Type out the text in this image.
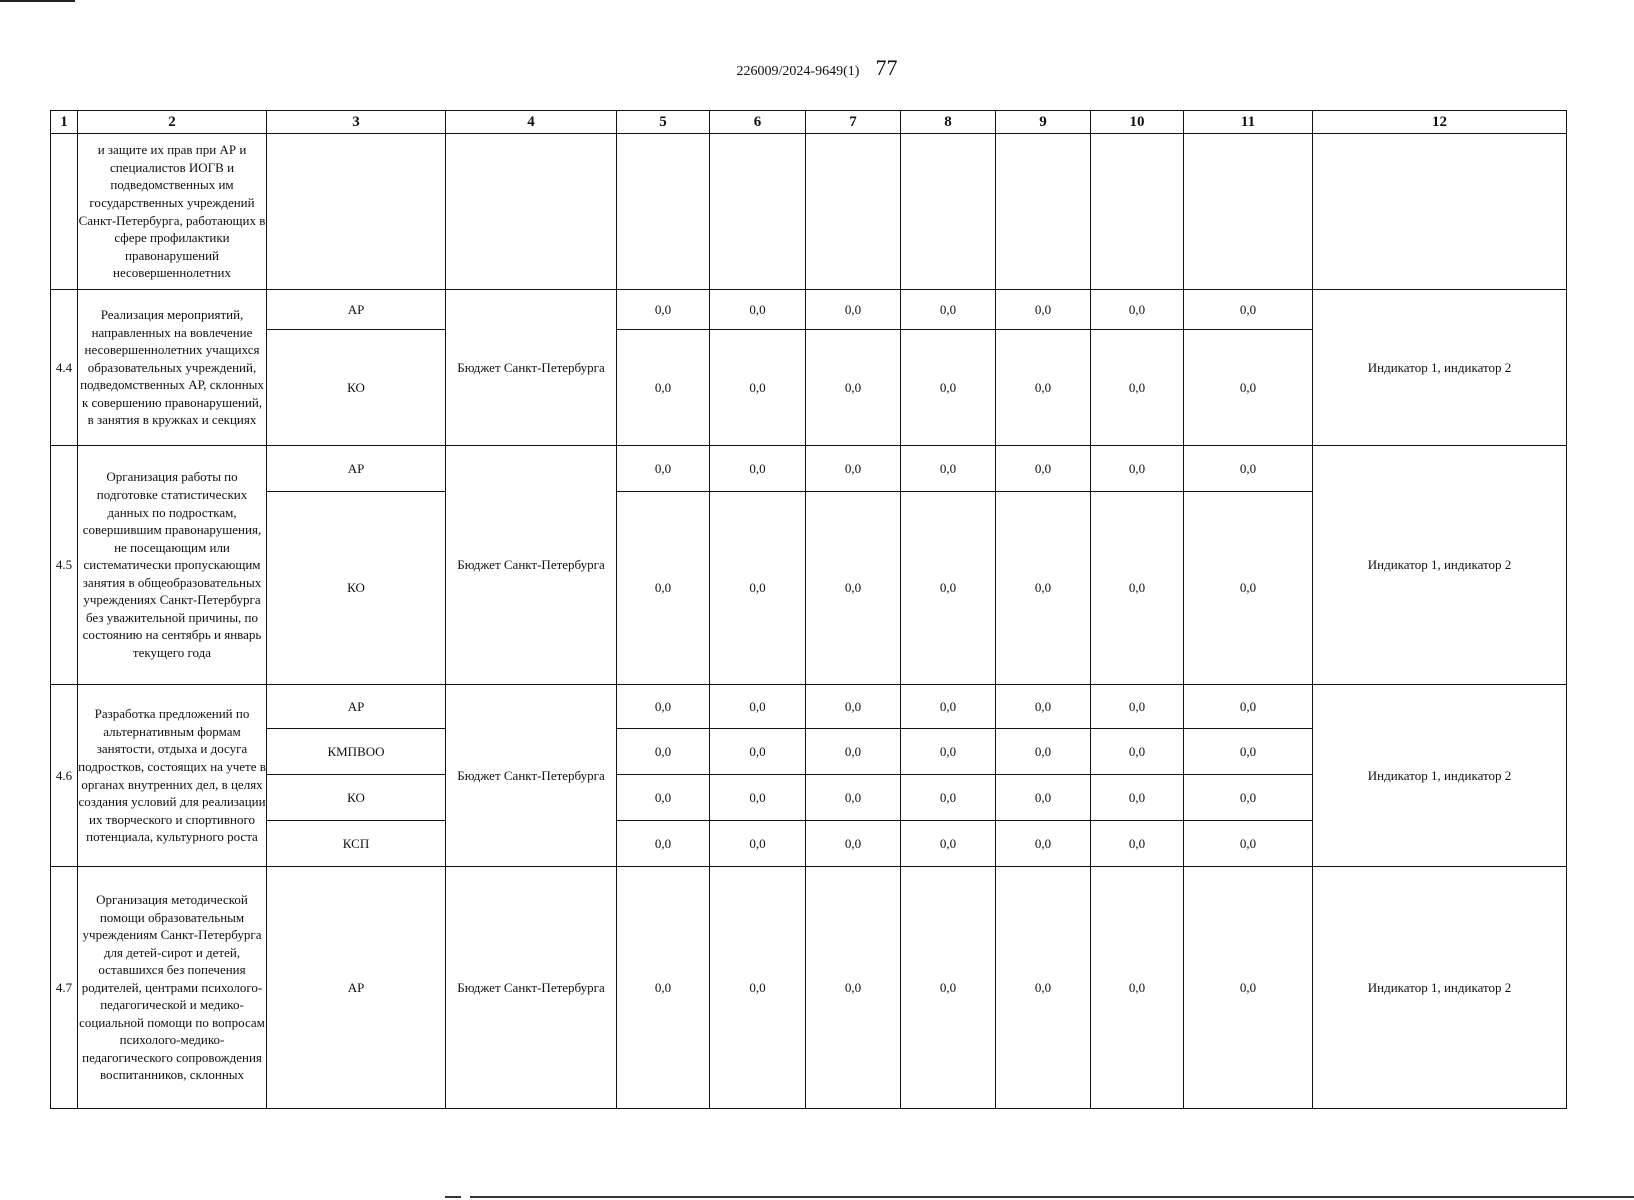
226009/2024-9649(1) 77
1	2	3	4	5	6	7	8	9	10	11	12
	и защите их прав при АР и специалистов ИОГВ и подведомственных им государственных учреждений Санкт-Петербурга, работающих в сфере профилактики правонарушений несовершеннолетних										
4.4	Реализация мероприятий, направленных на вовлечение несовершеннолетних учащихся образовательных учреждений, подведомственных АР, склонных к совершению правонарушений, в занятия в кружках и секциях	АР	Бюджет Санкт-Петербурга	0,0	0,0	0,0	0,0	0,0	0,0	0,0	Индикатор 1, индикатор 2
		КО		0,0	0,0	0,0	0,0	0,0	0,0	0,0	
4.5	Организация работы по подготовке статистических данных по подросткам, совершившим правонарушения, не посещающим или систематически пропускающим занятия в общеобразовательных учреждениях Санкт-Петербурга без уважительной причины, по состоянию на сентябрь и январь текущего года	АР	Бюджет Санкт-Петербурга	0,0	0,0	0,0	0,0	0,0	0,0	0,0	Индикатор 1, индикатор 2
		КО		0,0	0,0	0,0	0,0	0,0	0,0	0,0	
4.6	Разработка предложений по альтернативным формам занятости, отдыха и досуга подростков, состоящих на учете в органах внутренних дел, в целях создания условий для реализации их творческого и спортивного потенциала, культурного роста	АР	Бюджет Санкт-Петербурга	0,0	0,0	0,0	0,0	0,0	0,0	0,0	Индикатор 1, индикатор 2
		КМПВОО		0,0	0,0	0,0	0,0	0,0	0,0	0,0	
		КО		0,0	0,0	0,0	0,0	0,0	0,0	0,0	
		КСП		0,0	0,0	0,0	0,0	0,0	0,0	0,0	
4.7	Организация методической помощи образовательным учреждениям Санкт-Петербурга для детей-сирот и детей, оставшихся без попечения родителей, центрами психолого-педагогической и медико-социальной помощи по вопросам психолого-медико-педагогического сопровождения воспитанников, склонных	АР	Бюджет Санкт-Петербурга	0,0	0,0	0,0	0,0	0,0	0,0	0,0	Индикатор 1, индикатор 2
